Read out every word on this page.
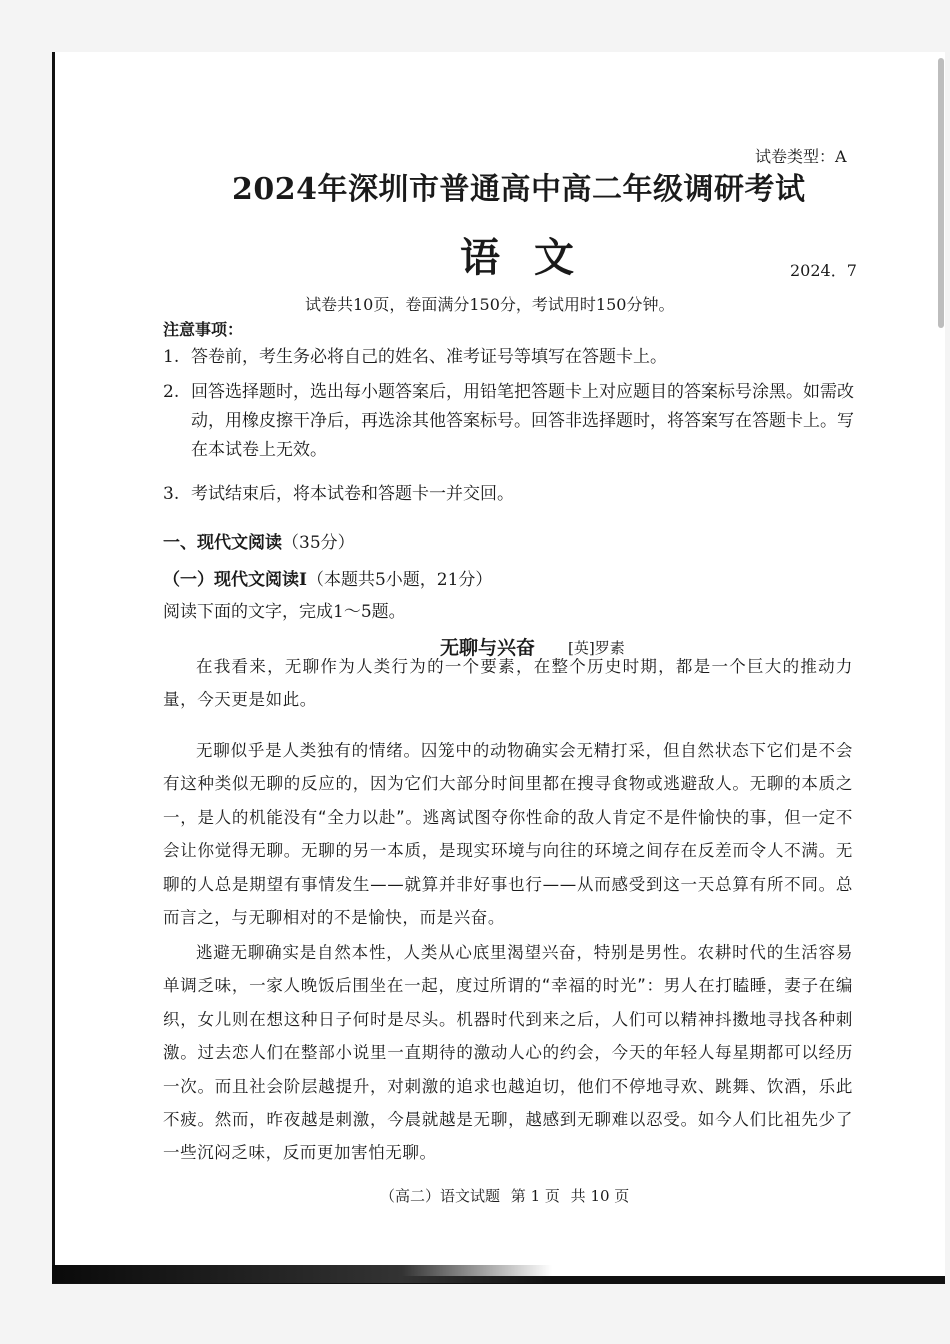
试卷类型：A
2024年深圳市普通高中高二年级调研考试
语文	2024．7
试卷共10页，卷面满分150分，考试用时150分钟。
注意事项：
1. 答卷前，考生务必将自己的姓名、准考证号等填写在答题卡上。
2. 回答选择题时，选出每小题答案后，用铅笔把答题卡上对应题目的答案标号涂黑。如需改动，用橡皮擦干净后，再选涂其他答案标号。回答非选择题时，将答案写在答题卡上。写在本试卷上无效。
3. 考试结束后，将本试卷和答题卡一并交回。
一、现代文阅读（35分）
（一）现代文阅读Ⅰ（本题共5小题，21分）
阅读下面的文字，完成1～5题。
无聊与兴奋 [英]罗素

在我看来，无聊作为人类行为的一个要素，在整个历史时期，都是一个巨大的推动力量，今天更是如此。

无聊似乎是人类独有的情绪。囚笼中的动物确实会无精打采，但自然状态下它们是不会有这种类似无聊的反应的，因为它们大部分时间里都在搜寻食物或逃避敌人。无聊的本质之一，是人的机能没有“全力以赴”。逃离试图夺你性命的敌人肯定不是件愉快的事，但一定不会让你觉得无聊。无聊的另一本质，是现实环境与向往的环境之间存在反差而令人不满。无聊的人总是期望有事情发生——就算并非好事也行——从而感受到这一天总算有所不同。总而言之，与无聊相对的不是愉快，而是兴奋。

逃避无聊确实是自然本性，人类从心底里渴望兴奋，特别是男性。农耕时代的生活容易单调乏味，一家人晚饭后围坐在一起，度过所谓的“幸福的时光”：男人在打瞌睡，妻子在编织，女儿则在想这种日子何时是尽头。机器时代到来之后，人们可以精神抖擞地寻找各种刺激。过去恋人们在整部小说里一直期待的激动人心的约会，今天的年轻人每星期都可以经历一次。而且社会阶层越提升，对刺激的追求也越迫切，他们不停地寻欢、跳舞、饮酒，乐此不疲。然而，昨夜越是刺激，今晨就越是无聊，越感到无聊难以忍受。如今人们比祖先少了一些沉闷乏味，反而更加害怕无聊。

（高二）语文试题 第 1 页 共 10 页
